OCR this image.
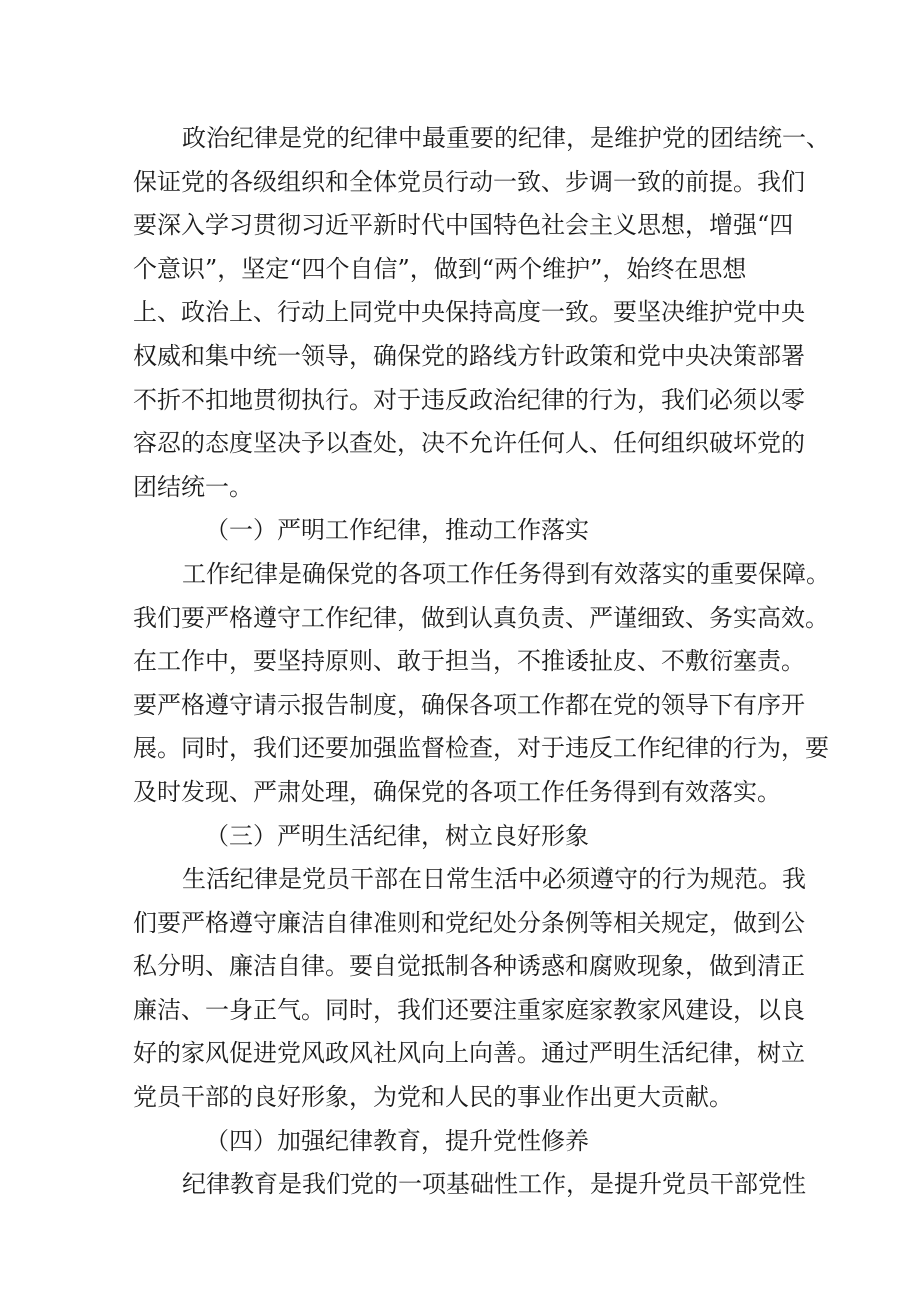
政治纪律是党的纪律中最重要的纪律，是维护党的团结统一、
保证党的各级组织和全体党员行动一致、步调一致的前提。我们
要深入学习贯彻习近平新时代中国特色社会主义思想，增强“四
个意识”，坚定“四个自信”，做到“两个维护”，始终在思想
上、政治上、行动上同党中央保持高度一致。要坚决维护党中央
权威和集中统一领导，确保党的路线方针政策和党中央决策部署
不折不扣地贯彻执行。对于违反政治纪律的行为，我们必须以零
容忍的态度坚决予以查处，决不允许任何人、任何组织破坏党的
团结统一。
（一）严明工作纪律，推动工作落实
工作纪律是确保党的各项工作任务得到有效落实的重要保障。
我们要严格遵守工作纪律，做到认真负责、严谨细致、务实高效。
在工作中，要坚持原则、敢于担当，不推诿扯皮、不敷衍塞责。
要严格遵守请示报告制度，确保各项工作都在党的领导下有序开
展。同时，我们还要加强监督检查，对于违反工作纪律的行为，要
及时发现、严肃处理，确保党的各项工作任务得到有效落实。
（三）严明生活纪律，树立良好形象
生活纪律是党员干部在日常生活中必须遵守的行为规范。我
们要严格遵守廉洁自律准则和党纪处分条例等相关规定，做到公
私分明、廉洁自律。要自觉抵制各种诱惑和腐败现象，做到清正
廉洁、一身正气。同时，我们还要注重家庭家教家风建设，以良
好的家风促进党风政风社风向上向善。通过严明生活纪律，树立
党员干部的良好形象，为党和人民的事业作出更大贡献。
（四）加强纪律教育，提升党性修养
纪律教育是我们党的一项基础性工作，是提升党员干部党性
